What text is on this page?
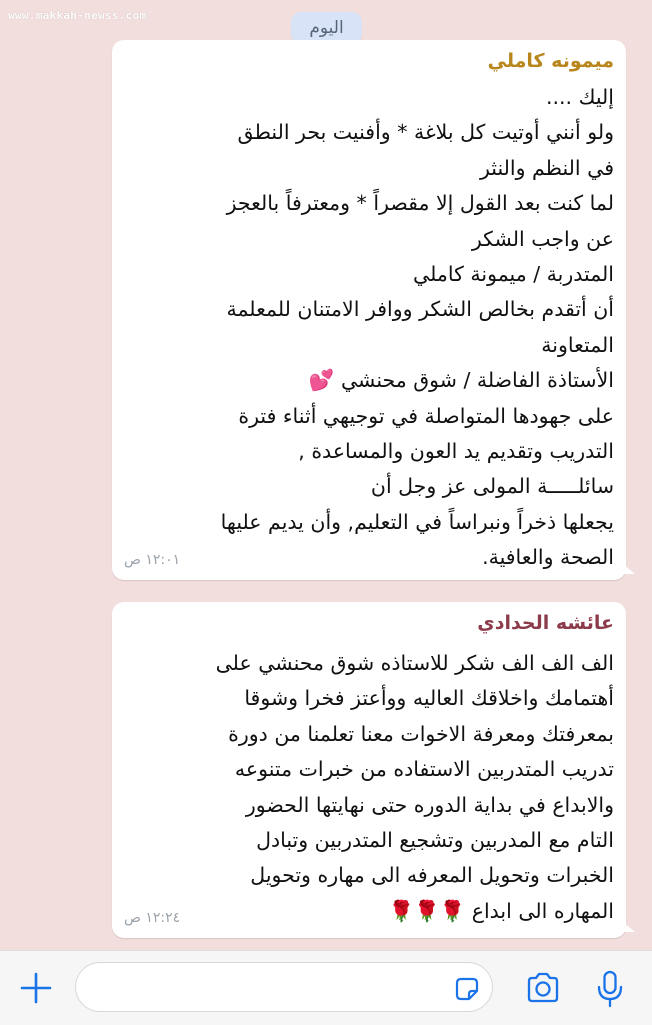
www.makkah-newss.com
اليوم
ميمونه كاملي
إليك ....
ولو أنني أوتيت كل بلاغة * وأفنيت بحر النطق
في النظم والنثر
لما كنت بعد القول إلا مقصراً * ومعترفاً بالعجز
عن واجب الشكر
المتدربة / ميمونة كاملي
أن أتقدم بخالص الشكر ووافر الامتنان للمعلمة
المتعاونة
الأستاذة الفاضلة / شوق محنشي 💕
على جهودها المتواصلة في توجيهي أثناء فترة
التدريب وتقديم يد العون والمساعدة ,
سائلـــــة المولى عز وجل أن
يجعلها ذخراً ونبراساً في التعليم, وأن يديم عليها
الصحة والعافية.
١٢:٠١ ص
عائشه الحدادي
الف الف الف شكر للاستاذه شوق محنشي على
أهتمامك واخلاقك العاليه ووأعتز فخرا وشوقا
بمعرفتك ومعرفة الاخوات معنا تعلمنا من دورة
تدريب المتدربين الاستفاده من خبرات متنوعه
والابداع في بداية الدوره حتى نهايتها الحضور
التام مع المدربين وتشجيع المتدربين وتبادل
الخبرات وتحويل المعرفه الى مهاره وتحويل
المهاره الى ابداع 🌹🌹🌹
١٢:٢٤ ص
